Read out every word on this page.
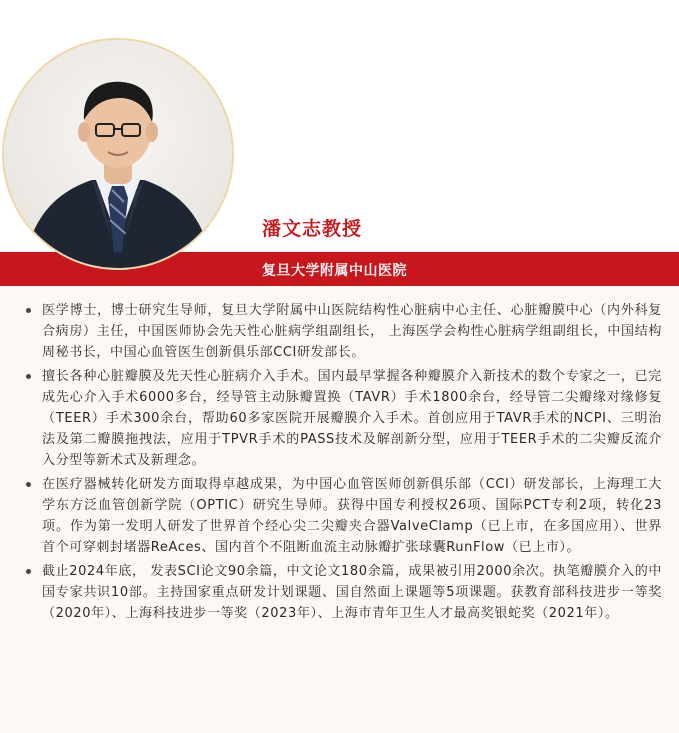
潘文志教授
复旦大学附属中山医院
医学博士，博士研究生导师，复旦大学附属中山医院结构性心脏病中心主任、心脏瓣膜中心（内外科复合病房）主任，中国医师协会先天性心脏病学组副组长， 上海医学会构性心脏病学组副组长，中国结构周秘书长，中国心血管医生创新俱乐部CCI研发部长。
擅长各种心脏瓣膜及先天性心脏病介入手术。国内最早掌握各种瓣膜介入新技术的数个专家之一，已完成先心介入手术6000多台，经导管主动脉瓣置换（TAVR）手术1800余台，经导管二尖瓣缘对缘修复（TEER）手术300余台，帮助60多家医院开展瓣膜介入手术。首创应用于TAVR手术的NCPI、三明治法及第二瓣膜拖拽法，应用于TPVR手术的PASS技术及解剖新分型，应用于TEER手术的二尖瓣反流介入分型等新术式及新理念。
在医疗器械转化研发方面取得卓越成果，为中国心血管医师创新俱乐部（CCI）研发部长，上海理工大学东方泛血管创新学院（OPTIC）研究生导师。获得中国专利授权26项、国际PCT专利2项，转化23项。作为第一发明人研发了世界首个经心尖二尖瓣夹合器ValveClamp（已上市，在多国应用）、世界首个可穿刺封堵器ReAces、国内首个不阻断血流主动脉瓣扩张球囊RunFlow（已上市）。
截止2024年底， 发表SCI论文90余篇，中文论文180余篇，成果被引用2000余次。执笔瓣膜介入的中国专家共识10部。主持国家重点研发计划课题、国自然面上课题等5项课题。获教育部科技进步一等奖（2020年）、上海科技进步一等奖（2023年）、上海市青年卫生人才最高奖银蛇奖（2021年）。
